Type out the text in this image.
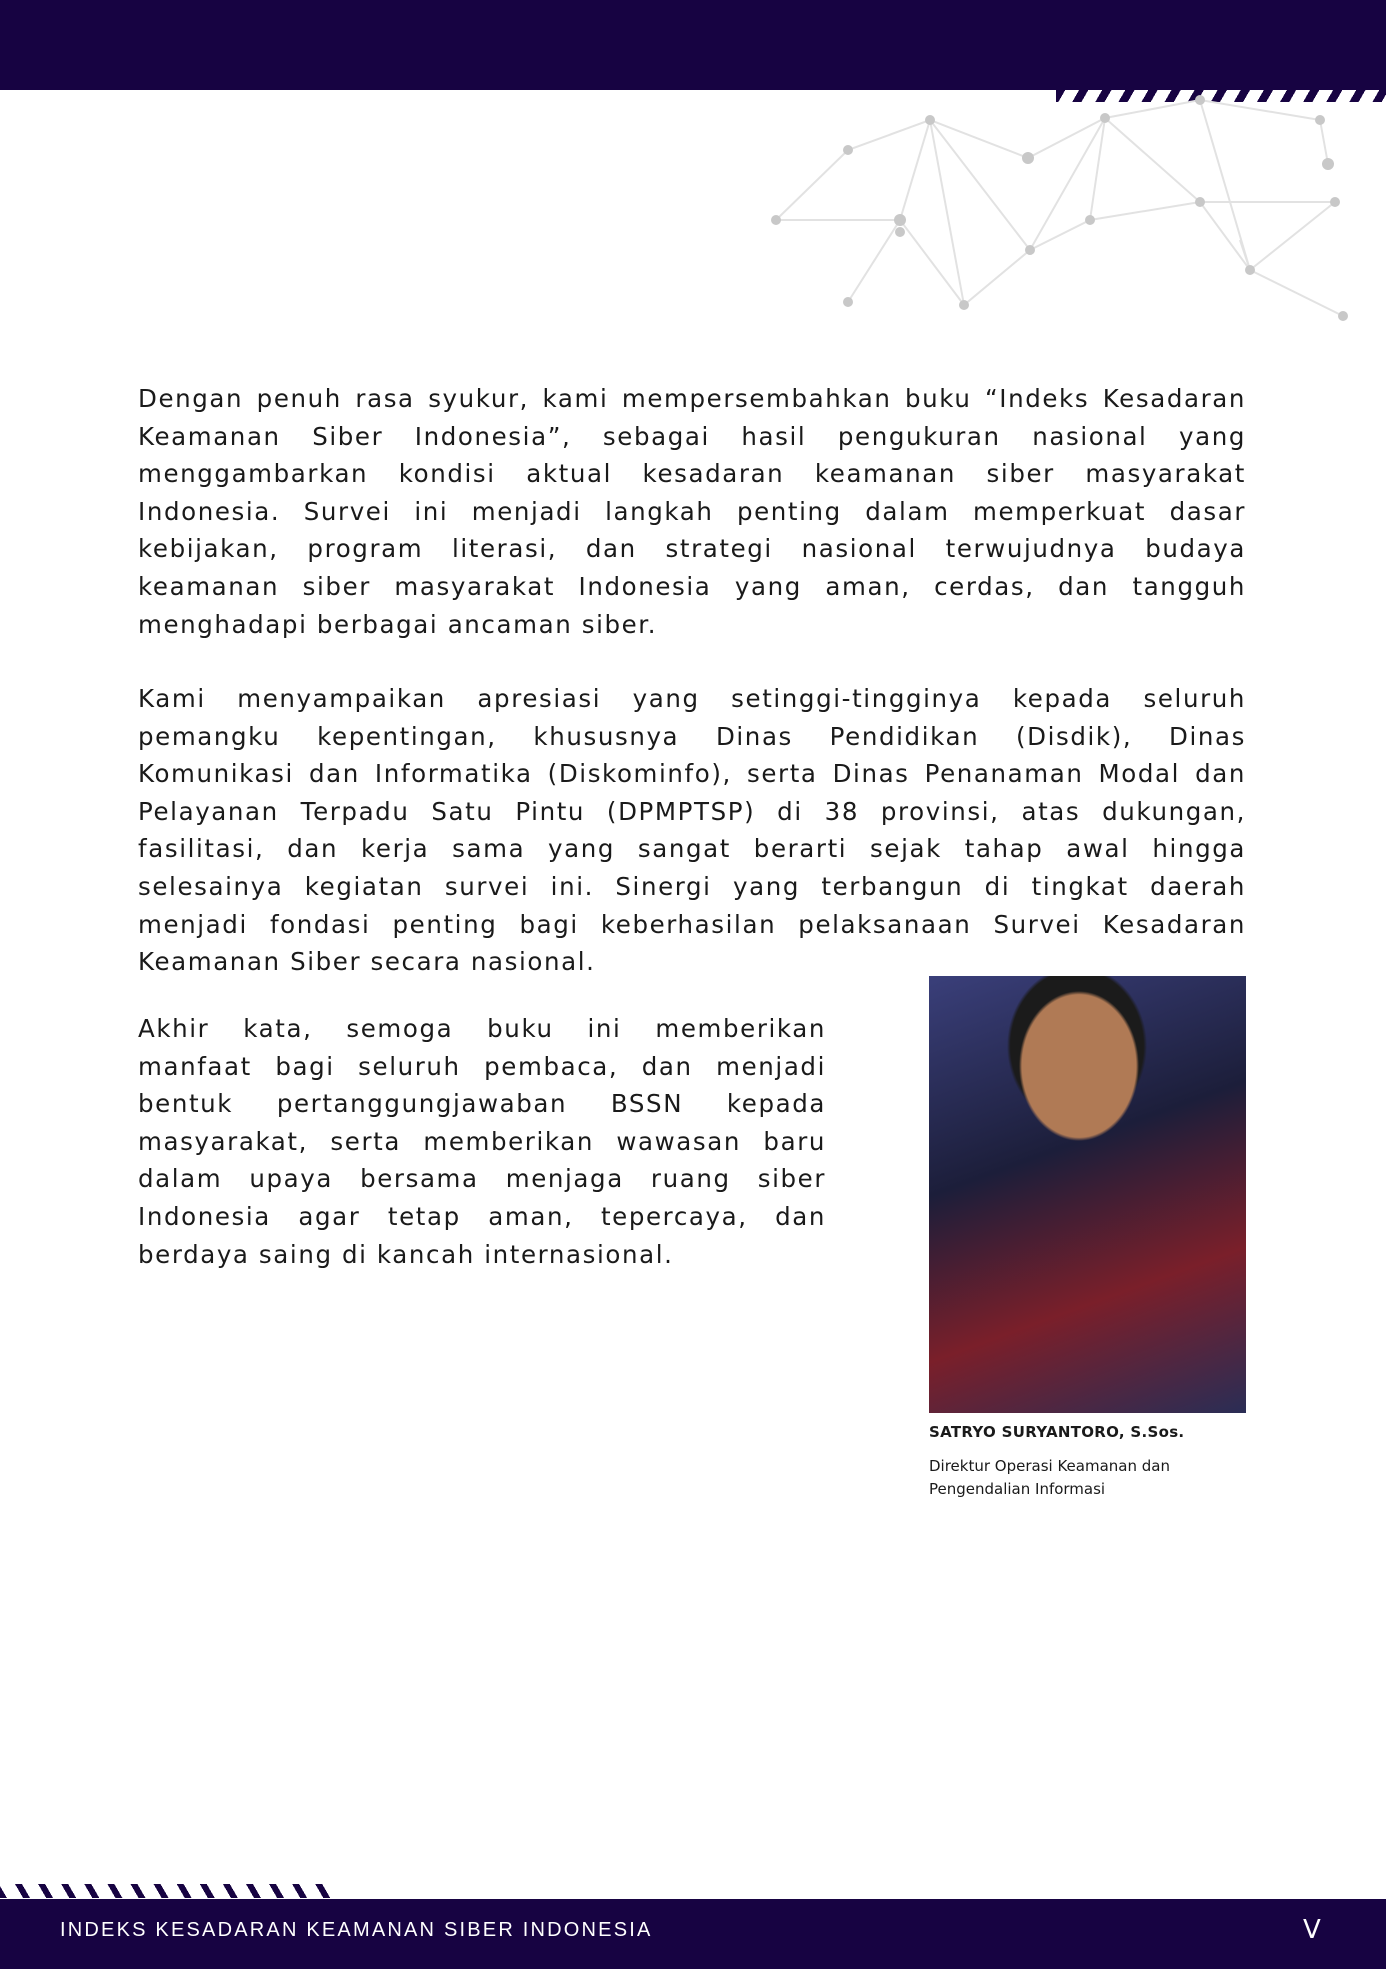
Dengan penuh rasa syukur, kami mempersembahkan buku “Indeks Kesadaran Keamanan Siber Indonesia”, sebagai hasil pengukuran nasional yang menggambarkan kondisi aktual kesadaran keamanan siber masyarakat Indonesia. Survei ini menjadi langkah penting dalam memperkuat dasar kebijakan, program literasi, dan strategi nasional terwujudnya budaya keamanan siber masyarakat Indonesia yang aman, cerdas, dan tangguh menghadapi berbagai ancaman siber.

Kami menyampaikan apresiasi yang setinggi-tingginya kepada seluruh pemangku kepentingan, khususnya Dinas Pendidikan (Disdik), Dinas Komunikasi dan Informatika (Diskominfo), serta Dinas Penanaman Modal dan Pelayanan Terpadu Satu Pintu (DPMPTSP) di 38 provinsi, atas dukungan, fasilitasi, dan kerja sama yang sangat berarti sejak tahap awal hingga selesainya kegiatan survei ini. Sinergi yang terbangun di tingkat daerah menjadi fondasi penting bagi keberhasilan pelaksanaan Survei Kesadaran Keamanan Siber secara nasional.

Akhir kata, semoga buku ini memberikan manfaat bagi seluruh pembaca, dan menjadi bentuk pertanggungjawaban BSSN kepada masyarakat, serta memberikan wawasan baru dalam upaya bersama menjaga ruang siber Indonesia agar tetap aman, tepercaya, dan berdaya saing di kancah internasional.

SATRYO SURYANTORO, S.Sos.
Direktur Operasi Keamanan dan
Pengendalian Informasi
INDEKS KESADARAN KEAMANAN SIBER INDONESIA	V
